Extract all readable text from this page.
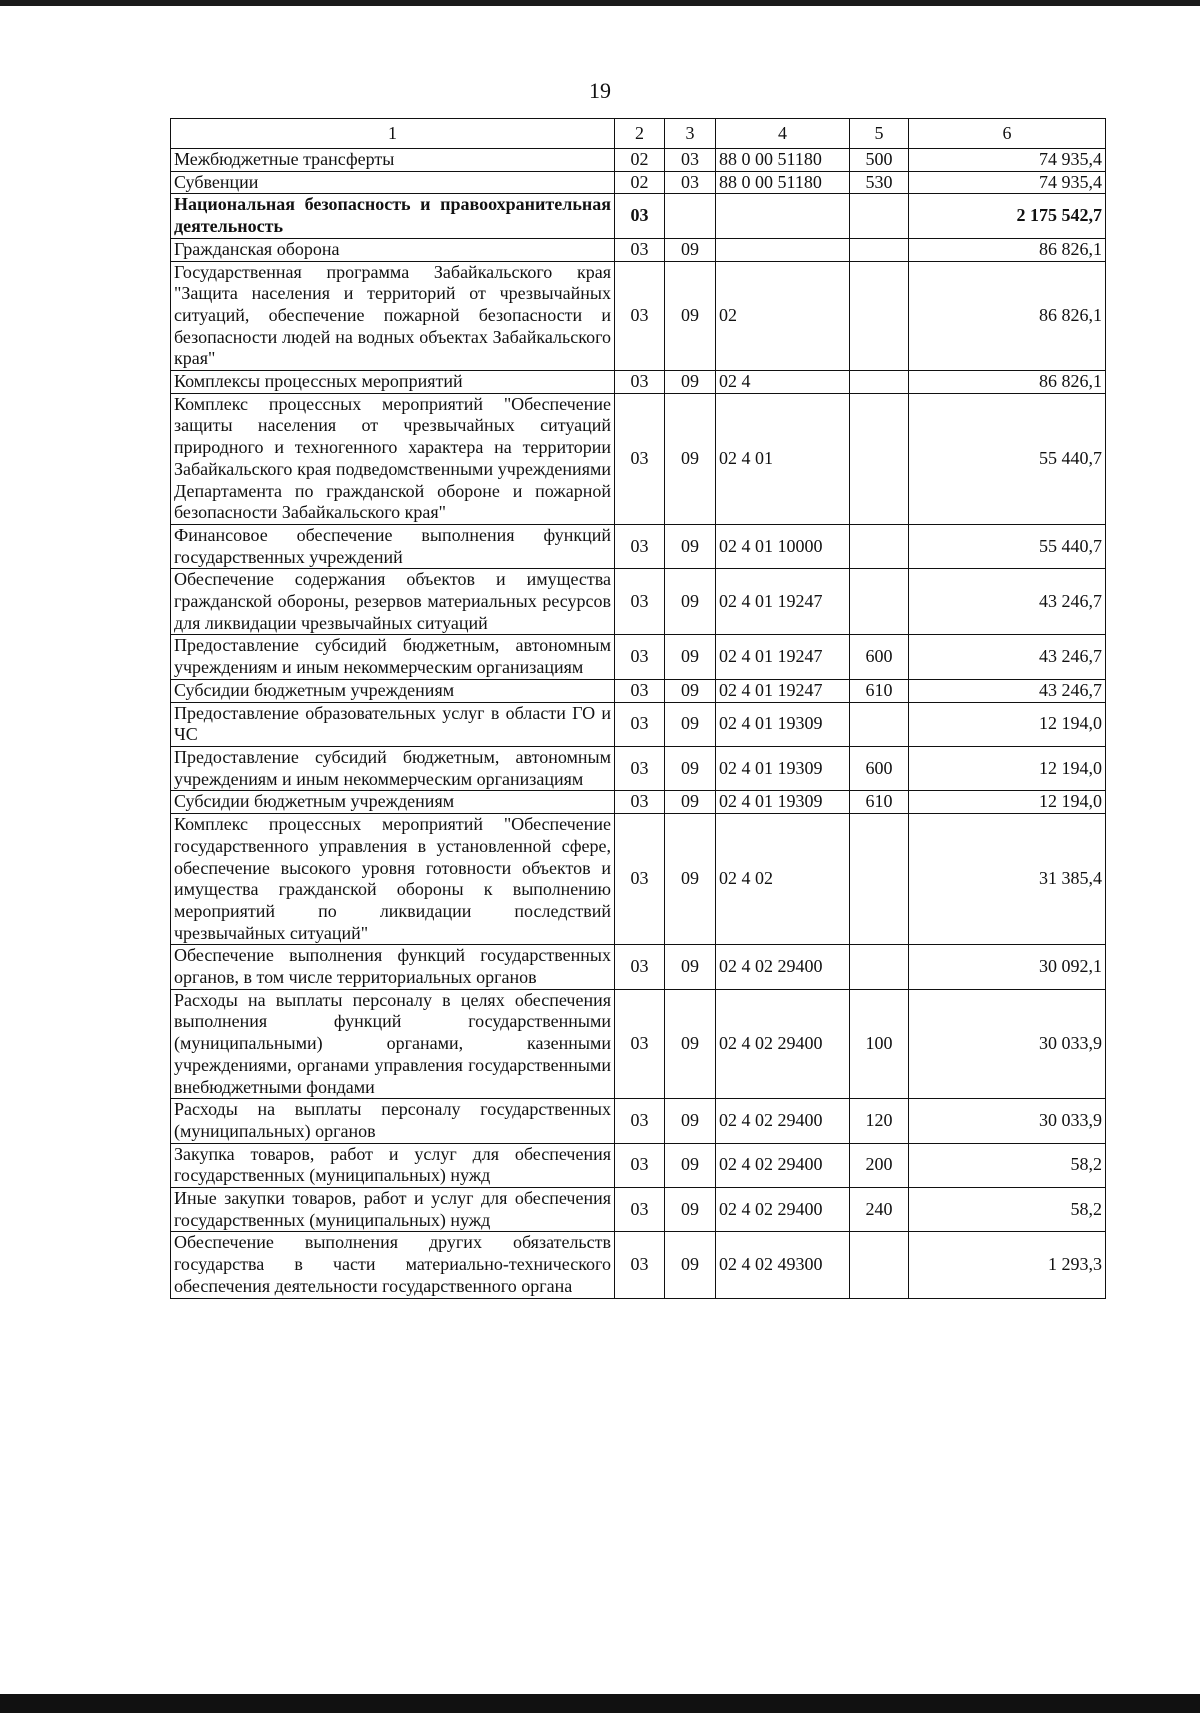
19
1	2	3	4	5	6
Межбюджетные трансферты	02	03	88 0 00 51180	500	74 935,4
Субвенции	02	03	88 0 00 51180	530	74 935,4
Национальная безопасность и правоохранительная деятельность	03				2 175 542,7
Гражданская оборона	03	09			86 826,1
Государственная программа Забайкальского края "Защита населения и территорий от чрезвычайных ситуаций, обеспечение пожарной безопасности и безопасности людей на водных объектах Забайкальского края"	03	09	02		86 826,1
Комплексы процессных мероприятий	03	09	02 4		86 826,1
Комплекс процессных мероприятий "Обеспечение защиты населения от чрезвычайных ситуаций природного и техногенного характера на территории Забайкальского края подведомственными учреждениями Департамента по гражданской обороне и пожарной безопасности Забайкальского края"	03	09	02 4 01		55 440,7
Финансовое обеспечение выполнения функций государственных учреждений	03	09	02 4 01 10000		55 440,7
Обеспечение содержания объектов и имущества гражданской обороны, резервов материальных ресурсов для ликвидации чрезвычайных ситуаций	03	09	02 4 01 19247		43 246,7
Предоставление субсидий бюджетным, автономным учреждениям и иным некоммерческим организациям	03	09	02 4 01 19247	600	43 246,7
Субсидии бюджетным учреждениям	03	09	02 4 01 19247	610	43 246,7
Предоставление образовательных услуг в области ГО и ЧС	03	09	02 4 01 19309		12 194,0
Предоставление субсидий бюджетным, автономным учреждениям и иным некоммерческим организациям	03	09	02 4 01 19309	600	12 194,0
Субсидии бюджетным учреждениям	03	09	02 4 01 19309	610	12 194,0
Комплекс процессных мероприятий "Обеспечение государственного управления в установленной сфере, обеспечение высокого уровня готовности объектов и имущества гражданской обороны к выполнению мероприятий по ликвидации последствий чрезвычайных ситуаций"	03	09	02 4 02		31 385,4
Обеспечение выполнения функций государственных органов, в том числе территориальных органов	03	09	02 4 02 29400		30 092,1
Расходы на выплаты персоналу в целях обеспечения выполнения функций государственными (муниципальными) органами, казенными учреждениями, органами управления государственными внебюджетными фондами	03	09	02 4 02 29400	100	30 033,9
Расходы на выплаты персоналу государственных (муниципальных) органов	03	09	02 4 02 29400	120	30 033,9
Закупка товаров, работ и услуг для обеспечения государственных (муниципальных) нужд	03	09	02 4 02 29400	200	58,2
Иные закупки товаров, работ и услуг для обеспечения государственных (муниципальных) нужд	03	09	02 4 02 29400	240	58,2
Обеспечение выполнения других обязательств государства в части материально-технического обеспечения деятельности государственного органа	03	09	02 4 02 49300		1 293,3
